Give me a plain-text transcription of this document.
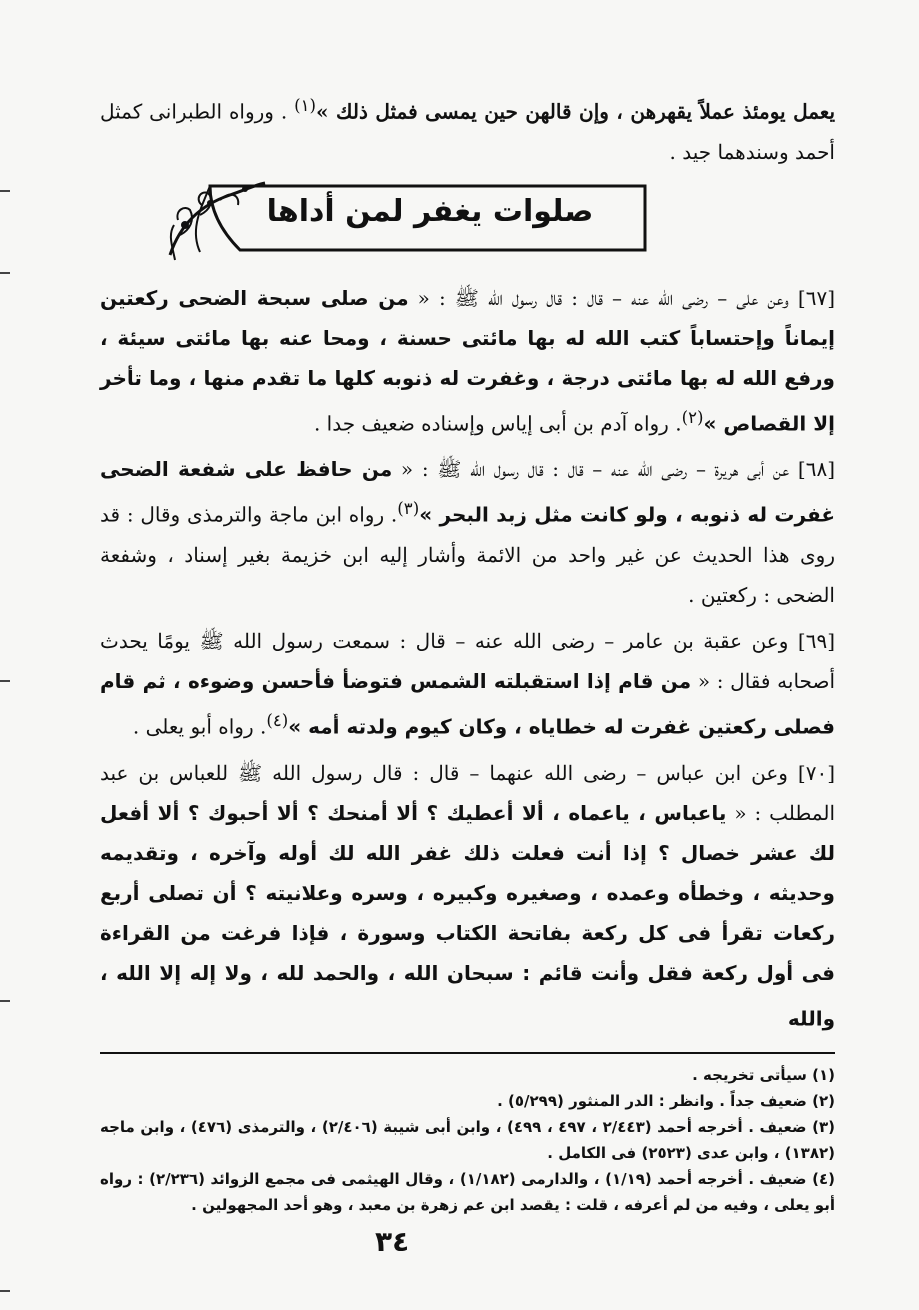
يعمل يومئذ عملاً يقهرهن ، وإن قالهن حين يمسى فمثل ذلك »$^{(١)}$ . ورواه الطبرانى كمثل أحمد وسندهما جيد .

صلوات يغفر لمن أداها

[٦٧] وعن على – رضى الله عنه – قال : قال رسول الله ﷺ : « من صلى سبحة الضحى ركعتين إيماناً وإحتساباً كتب الله له بها مائتى حسنة ، ومحا عنه بها مائتى سيئة ، ورفع الله له بها مائتى درجة ، وغفرت له ذنوبه كلها ما تقدم منها ، وما تأخر إلا القصاص »$^{(٢)}$. رواه آدم بن أبى إياس وإسناده ضعيف جدا .

[٦٨] عن أبى هريرة – رضى الله عنه – قال : قال رسول الله ﷺ : « من حافظ على شفعة الضحى غفرت له ذنوبه ، ولو كانت مثل زبد البحر »$^{(٣)}$. رواه ابن ماجة والترمذى وقال : قد روى هذا الحديث عن غير واحد من الائمة وأشار إليه ابن خزيمة بغير إسناد ، وشفعة الضحى : ركعتين .

[٦٩] وعن عقبة بن عامر – رضى الله عنه – قال : سمعت رسول الله ﷺ يومًا يحدث أصحابه فقال : « من قام إذا استقبلته الشمس فتوضأ فأحسن وضوءه ، ثم قام فصلى ركعتين غفرت له خطاياه ، وكان كيوم ولدته أمه »$^{(٤)}$. رواه أبو يعلى .

[٧٠] وعن ابن عباس – رضى الله عنهما – قال : قال رسول الله ﷺ للعباس بن عبد المطلب : « ياعباس ، ياعماه ، ألا أعطيك ؟ ألا أمنحك ؟ ألا أحبوك ؟ ألا أفعل لك عشر خصال ؟ إذا أنت فعلت ذلك غفر الله لك أوله وآخره ، وتقديمه وحديثه ، وخطأه وعمده ، وصغيره وكبيره ، وسره وعلانيته ؟ أن تصلى أربع ركعات تقرأ فى كل ركعة بفاتحة الكتاب وسورة ، فإذا فرغت من القراءة فى أول ركعة فقل وأنت قائم : سبحان الله ، والحمد لله ، ولا إله إلا الله ، والله

(١) سيأتى تخريجه .

(٢) ضعيف جداً . وانظر : الدر المنثور (٥/٢٩٩) .

(٣) ضعيف . أخرجه أحمد (٢/٤٤٣ ، ٤٩٧ ، ٤٩٩) ، وابن أبى شيبة (٢/٤٠٦) ، والترمذى (٤٧٦) ، وابن ماجه (١٣٨٢) ، وابن عدى (٢٥٢٣) فى الكامل .

(٤) ضعيف . أخرجه أحمد (١/١٩) ، والدارمى (١/١٨٢) ، وقال الهيثمى فى مجمع الزوائد (٢/٢٣٦) : رواه أبو يعلى ، وفيه من لم أعرفه ، قلت : يقصد ابن عم زهرة بن معبد ، وهو أحد المجهولين .

٣٤
